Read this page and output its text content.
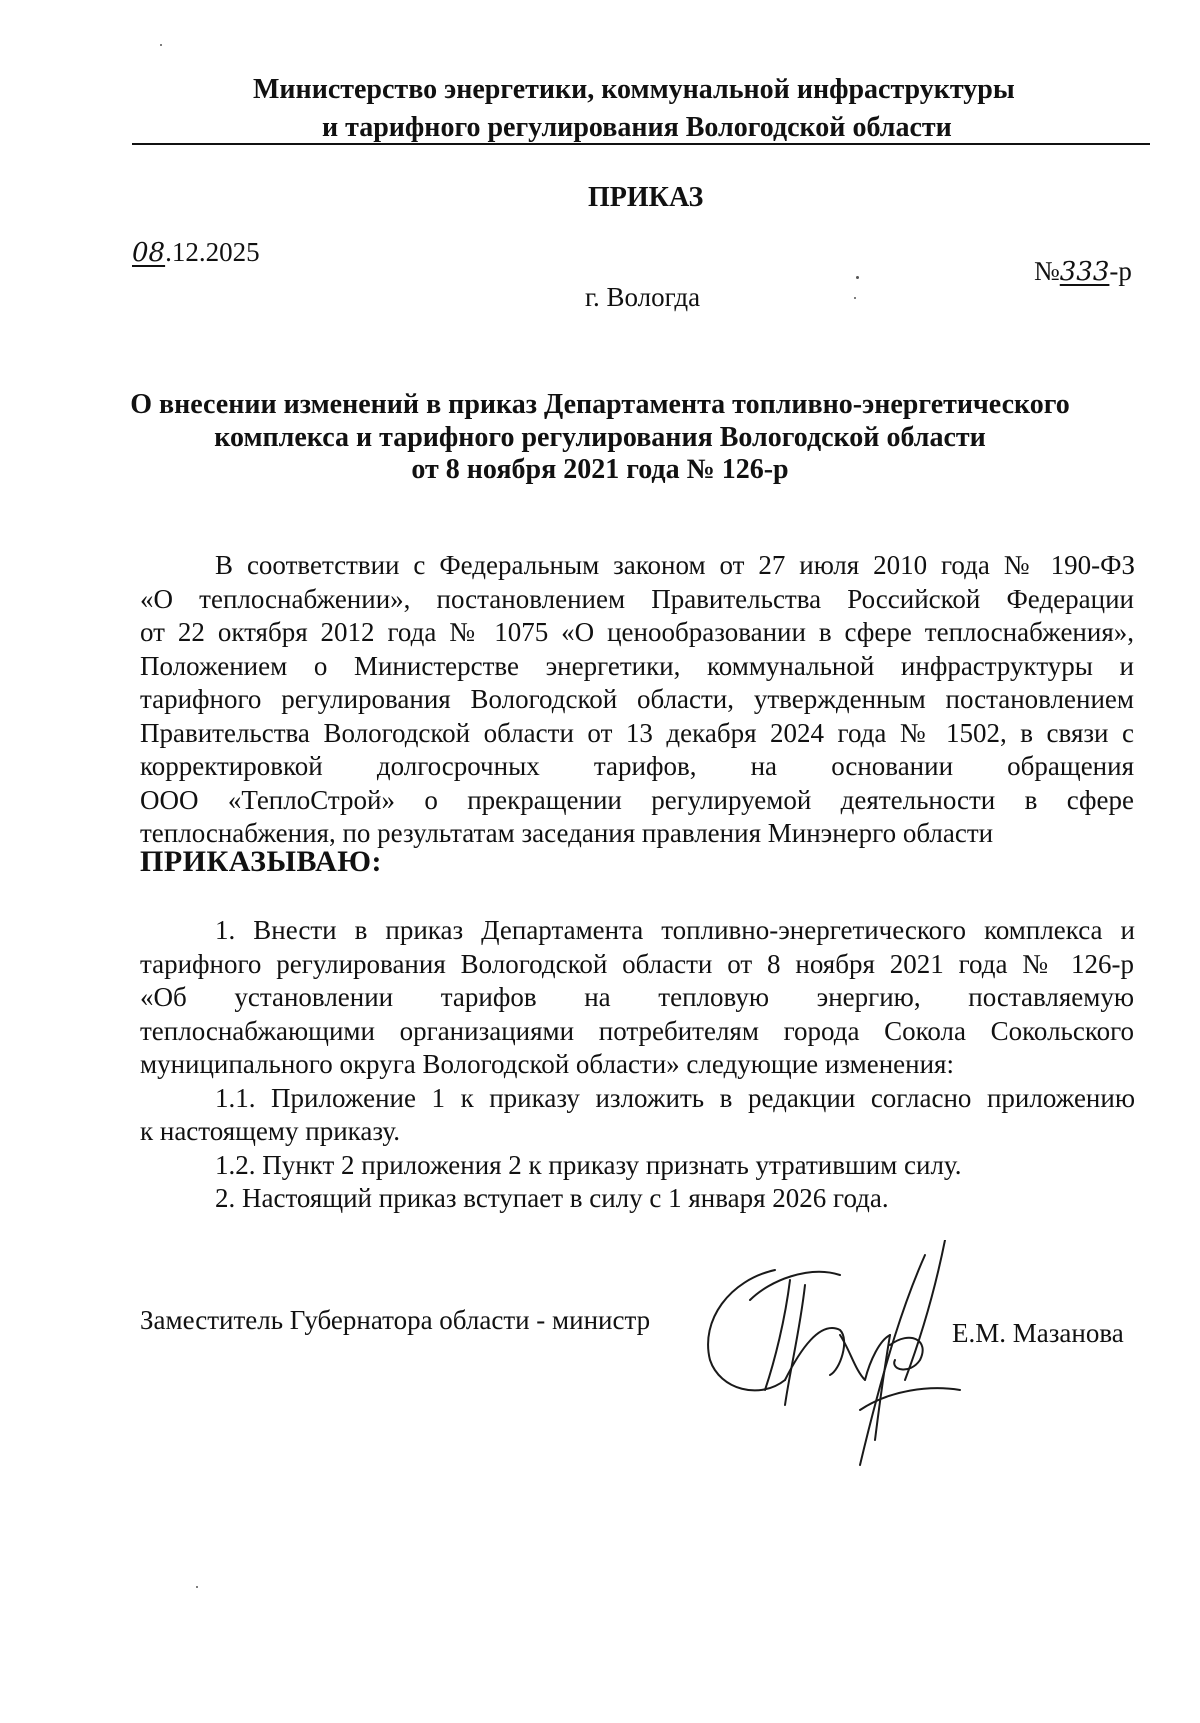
Министерство энергетики, коммунальной инфраструктуры
и тарифного регулирования Вологодской области
ПРИКАЗ
08.12.2025
№333-р
г. Вологда
О внесении изменений в приказ Департамента топливно-энергетического
комплекса и тарифного регулирования Вологодской области
от 8 ноября 2021 года № 126-р
В соответствии с Федеральным законом от 27 июля 2010 года № 190-ФЗ
«О теплоснабжении», постановлением Правительства Российской Федерации
от 22 октября 2012 года № 1075 «О ценообразовании в сфере теплоснабжения»,
Положением о Министерстве энергетики, коммунальной инфраструктуры и
тарифного регулирования Вологодской области, утвержденным постановлением
Правительства Вологодской области от 13 декабря 2024 года № 1502, в связи с
корректировкой долгосрочных тарифов, на основании обращения
ООО «ТеплоСтрой» о прекращении регулируемой деятельности в сфере
теплоснабжения, по результатам заседания правления Минэнерго области
ПРИКАЗЫВАЮ:
1. Внести в приказ Департамента топливно-энергетического комплекса и
тарифного регулирования Вологодской области от 8 ноября 2021 года № 126-р
«Об установлении тарифов на тепловую энергию, поставляемую
теплоснабжающими организациями потребителям города Сокола Сокольского
муниципального округа Вологодской области» следующие изменения:
1.1. Приложение 1 к приказу изложить в редакции согласно приложению
к настоящему приказу.
1.2. Пункт 2 приложения 2 к приказу признать утратившим силу.
2. Настоящий приказ вступает в силу с 1 января 2026 года.
Заместитель Губернатора области - министр	Е.М. Мазанова
